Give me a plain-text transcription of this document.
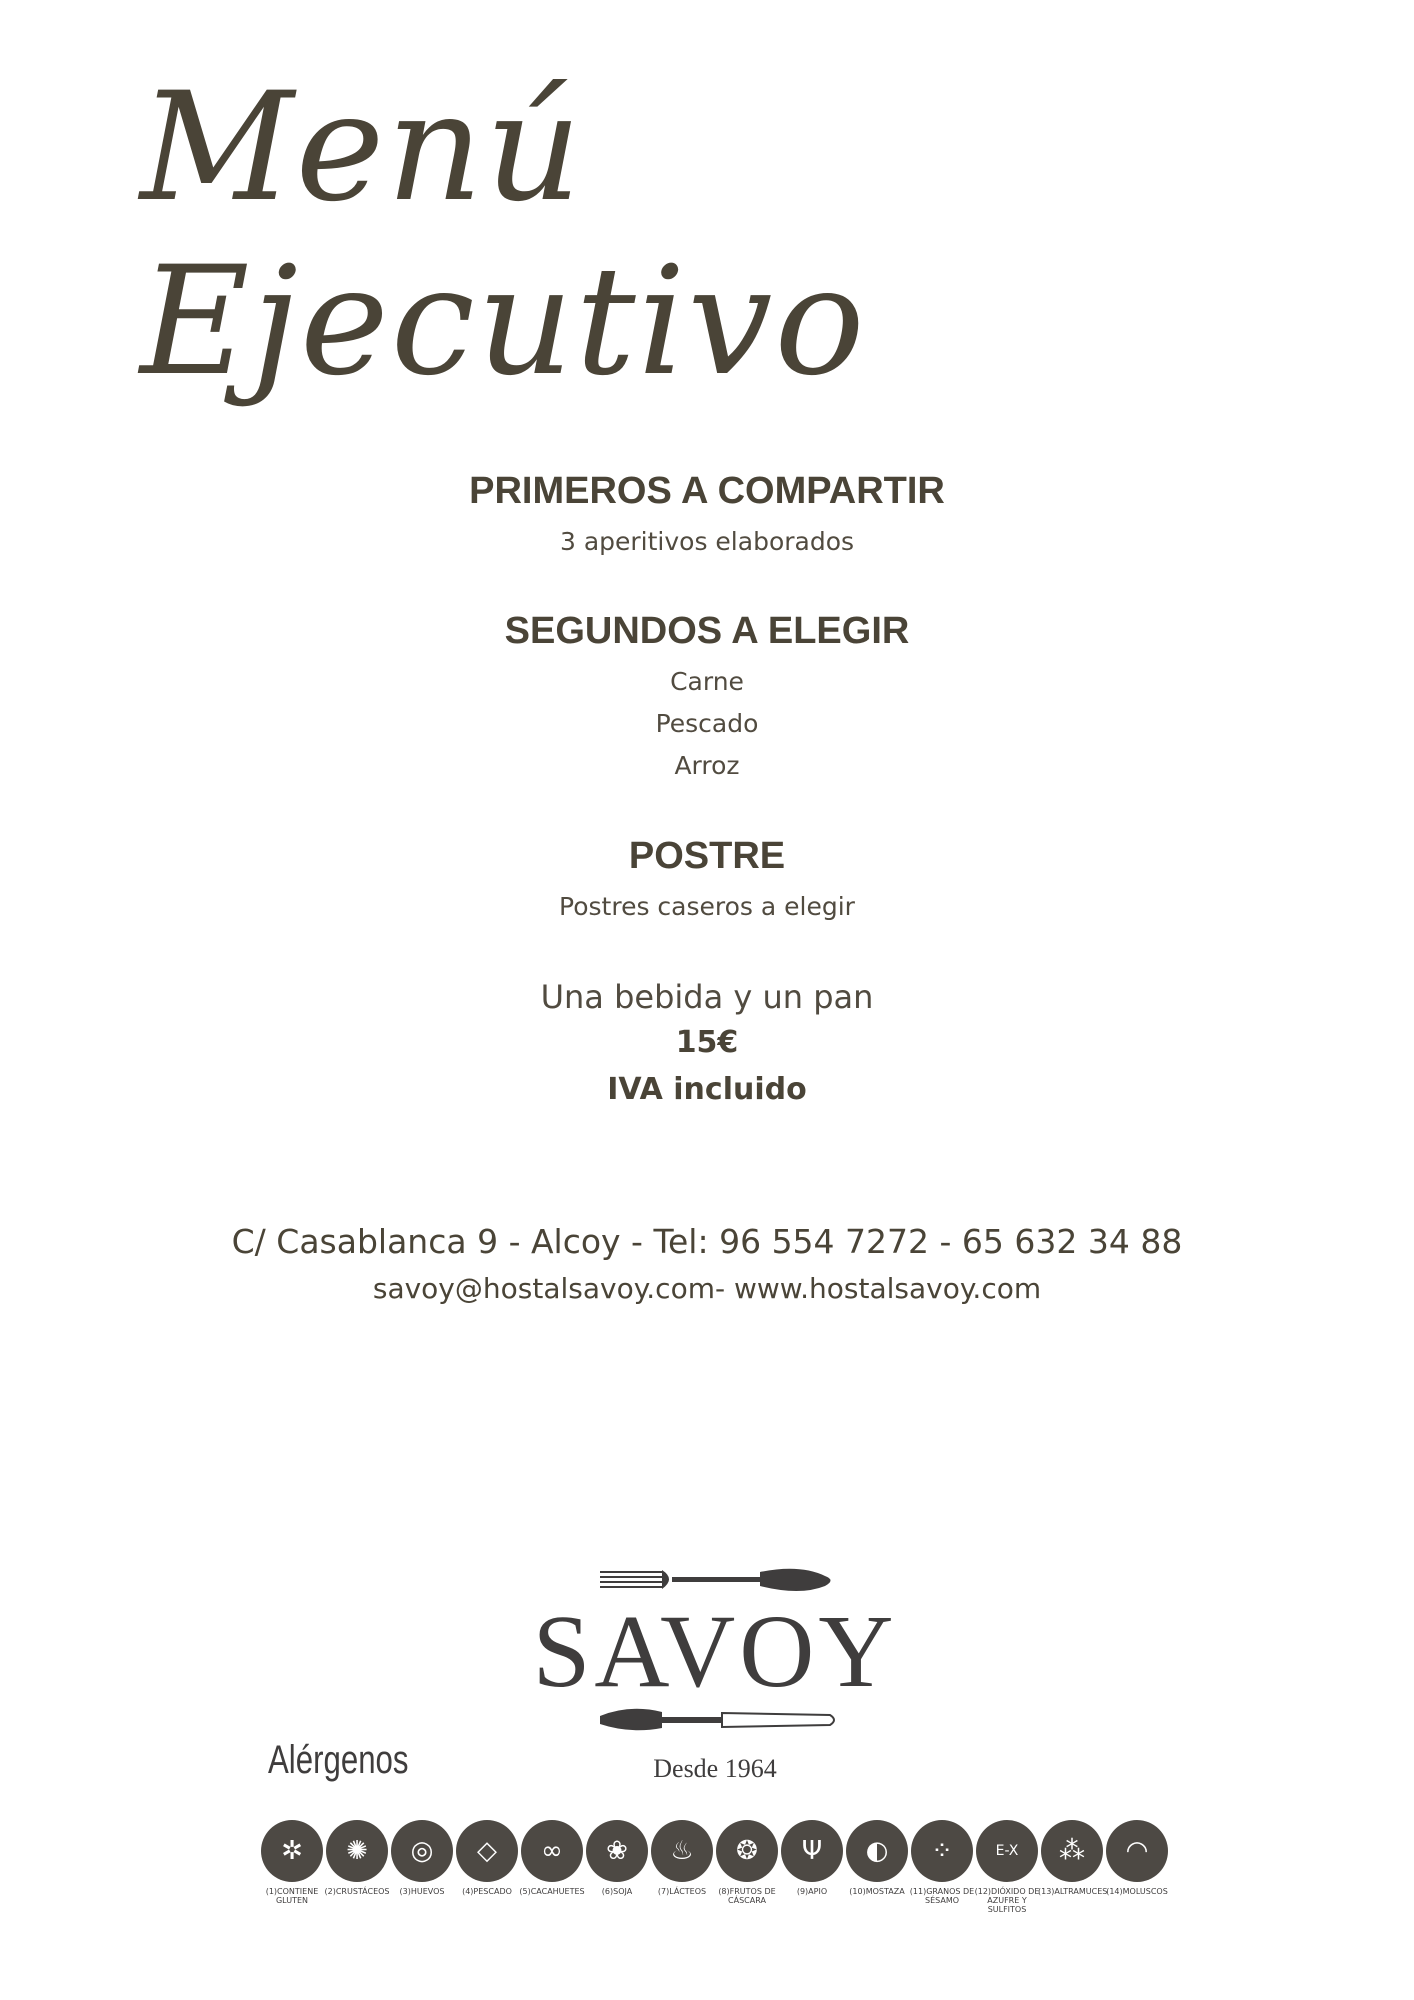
Menú Ejecutivo
PRIMEROS A COMPARTIR
3 aperitivos elaborados
SEGUNDOS A ELEGIR
Carne
Pescado
Arroz
POSTRE
Postres caseros a elegir
Una bebida y un pan
15€
IVA incluido
C/ Casablanca 9 - Alcoy - Tel: 96 554 7272 - 65 632 34 88
savoy@hostalsavoy.com- www.hostalsavoy.com
SAVOY
Desde 1964
Alérgenos
✲
(1)CONTIENE GLUTEN
✺
(2)CRUSTÁCEOS
◎
(3)HUEVOS
◇
(4)PESCADO
∞
(5)CACAHUETES
❀
(6)SOJA
♨
(7)LÁCTEOS
❂
(8)FRUTOS DE CÁSCARA
Ψ
(9)APIO
◐
(10)MOSTAZA
⁘
(11)GRANOS DE SÉSAMO
E-X
(12)DIÓXIDO DE AZUFRE Y SULFITOS
⁂
(13)ALTRAMUCES
◠
(14)MOLUSCOS
